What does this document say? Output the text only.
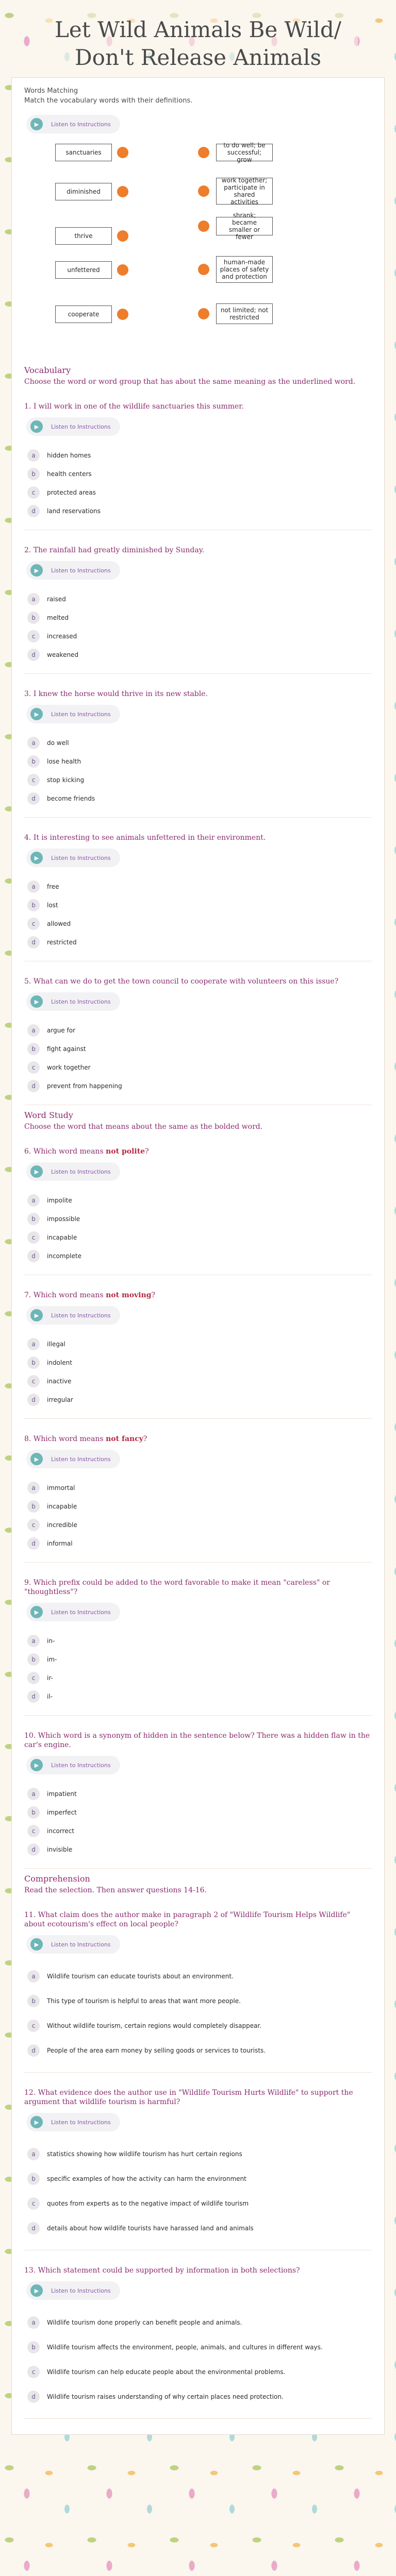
Let Wild Animals Be Wild/ Don't Release Animals
Words Matching
Match the vocabulary words with their definitions.
▶	Listen to Instructions
sanctuaries
diminished
thrive
unfettered
cooperate
to do well; be successful; grow
work together; participate in shared activities
shrank; became smaller or fewer
human-made places of safety and protection
not limited; not restricted
Vocabulary
Choose the word or word group that has about the same meaning as the underlined word.
1. I will work in one of the wildlife sanctuaries this summer.
▶	Listen to Instructions
a	hidden homes
b	health centers
c	protected areas
d	land reservations
2. The rainfall had greatly diminished by Sunday.
▶	Listen to Instructions
a	raised
b	melted
c	increased
d	weakened
3. I knew the horse would thrive in its new stable.
▶	Listen to Instructions
a	do well
b	lose health
c	stop kicking
d	become friends
4. It is interesting to see animals unfettered in their environment.
▶	Listen to Instructions
a	free
b	lost
c	allowed
d	restricted
5. What can we do to get the town council to cooperate with volunteers on this issue?
▶	Listen to Instructions
a	argue for
b	fight against
c	work together
d	prevent from happening
Word Study
Choose the word that means about the same as the bolded word.
6. Which word means not polite?
▶	Listen to Instructions
a	impolite
b	impossible
c	incapable
d	incomplete
7. Which word means not moving?
▶	Listen to Instructions
a	illegal
b	indolent
c	inactive
d	irregular
8. Which word means not fancy?
▶	Listen to Instructions
a	immortal
b	incapable
c	incredible
d	informal
9. Which prefix could be added to the word favorable to make it mean "careless" or "thoughtless"?
▶	Listen to Instructions
a	in-
b	im-
c	ir-
d	il-
10. Which word is a synonym of hidden in the sentence below? There was a hidden flaw in the car's engine.
▶	Listen to Instructions
a	impatient
b	imperfect
c	incorrect
d	invisible
Comprehension
Read the selection. Then answer questions 14-16.
11. What claim does the author make in paragraph 2 of "Wildlife Tourism Helps Wildlife" about ecotourism's effect on local people?
▶	Listen to Instructions
a	Wildlife tourism can educate tourists about an environment.
b	This type of tourism is helpful to areas that want more people.
c	Without wildlife tourism, certain regions would completely disappear.
d	People of the area earn money by selling goods or services to tourists.
12. What evidence does the author use in "Wildlife Tourism Hurts Wildlife" to support the argument that wildlife tourism is harmful?
▶	Listen to Instructions
a	statistics showing how wildlife tourism has hurt certain regions
b	specific examples of how the activity can harm the environment
c	quotes from experts as to the negative impact of wildlife tourism
d	details about how wildlife tourists have harassed land and animals
13. Which statement could be supported by information in both selections?
▶	Listen to Instructions
a	Wildlife tourism done properly can benefit people and animals.
b	Wildlife tourism affects the environment, people, animals, and cultures in different ways.
c	Wildlife tourism can help educate people about the environmental problems.
d	Wildlife tourism raises understanding of why certain places need protection.
